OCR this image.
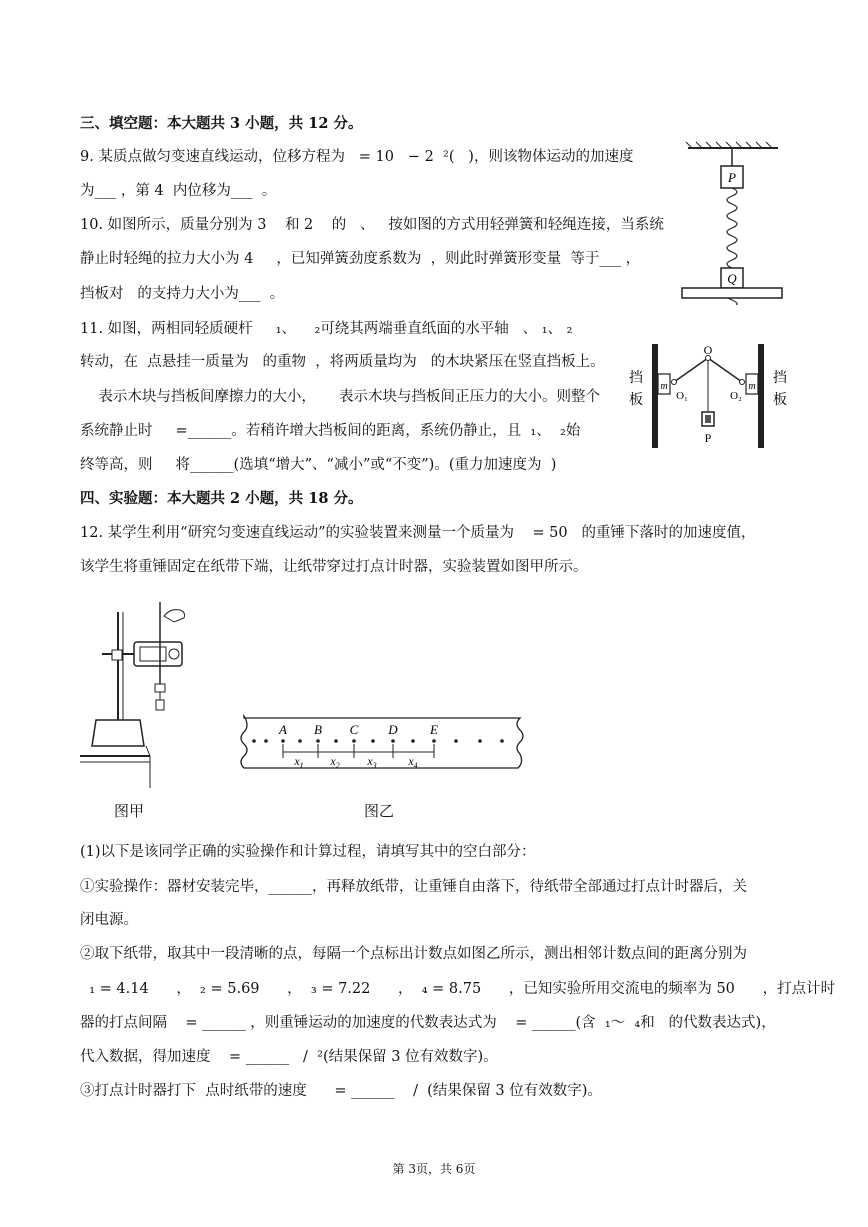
三、填空题：本大题共 3 小题，共 12 分。
9. 某质点做匀变速直线运动，位移方程为   = 10   − 2  ²(   )，则该物体运动的加速度
为___ ，第 4  内位移为___  。
10. 如图所示，质量分别为 3    和 2    的   、   按如图的方式用轻弹簧和轻绳连接，当系统
静止时轻绳的拉力大小为 4     ，已知弹簧劲度系数为  ，则此时弹簧形变量  等于___ ，
挡板对   的支持力大小为___  。
P
Q
11. 如图，两相同轻质硬杆     ₁、    ₂可绕其两端垂直纸面的水平轴   、 ₁、 ₂
转动，在  点悬挂一质量为   的重物  ，将两质量均为   的木块紧压在竖直挡板上。
表示木块与挡板间摩擦力的大小，     表示木块与挡板间正压力的大小。则整个
系统静止时     =______。若稍许增大挡板间的距离，系统仍静止，且  ₁、  ₂始
终等高，则     将______(选填“增大”、“减小”或“不变”)。(重力加速度为  )
挡
板
挡
板
m	m
O
O₁	O₂
P
四、实验题：本大题共 2 小题，共 18 分。
12. 某学生利用“研究匀变速直线运动”的实验装置来测量一个质量为    = 50   的重锤下落时的加速度值，
该学生将重锤固定在纸带下端，让纸带穿过打点计时器，实验装置如图甲所示。
A B C D E
$x_1$ $x_2$ $x_3$	$x_4$
图甲	图乙
(1)以下是该同学正确的实验操作和计算过程，请填写其中的空白部分：
①实验操作：器材安装完毕，______，再释放纸带，让重锤自由落下，待纸带全部通过打点计时器后，关
闭电源。
②取下纸带，取其中一段清晰的点，每隔一个点标出计数点如图乙所示，测出相邻计数点间的距离分别为
₁ = 4.14      ，  ₂ = 5.69      ，  ₃ = 7.22      ，  ₄ = 8.75      ，已知实验所用交流电的频率为 50      ，打点计时
器的打点间隔    = ______ ，则重锤运动的加速度的代数表达式为    = ______(含  ₁～  ₄和   的代数表达式)，
代入数据，得加速度    = ______   /  ²(结果保留 3 位有效数字)。
③打点计时器打下  点时纸带的速度      = ______    /  (结果保留 3 位有效数字)。
第 3页，共 6页
